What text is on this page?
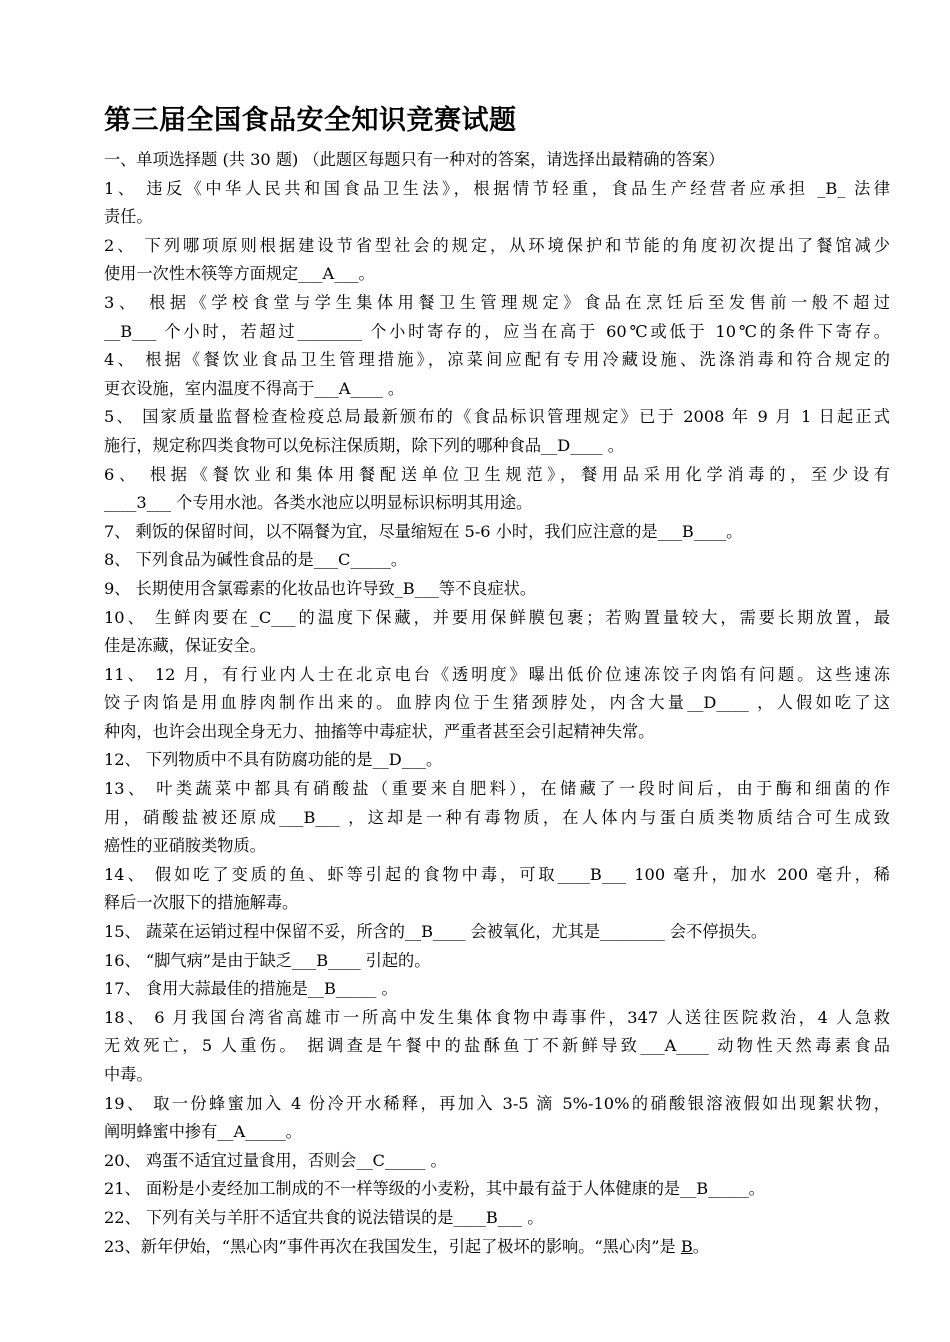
第三届全国食品安全知识竞赛试题
一、单项选择题 (共 30 题) （此题区每题只有一种对的答案，请选择出最精确的答案）
1、 违反《中华人民共和国食品卫生法》，根据情节轻重，食品生产经营者应承担 _B_ 法律
责任。
2、 下列哪项原则根据建设节省型社会的规定，从环境保护和节能的角度初次提出了餐馆减少
使用一次性木筷等方面规定___A___。
3、 根据《学校食堂与学生集体用餐卫生管理规定》食品在烹饪后至发售前一般不超过
__B___ 个小时，若超过________ 个小时寄存的，应当在高于 60℃或低于 10℃的条件下寄存。
4、 根据《餐饮业食品卫生管理措施》，凉菜间应配有专用冷藏设施、洗涤消毒和符合规定的
更衣设施，室内温度不得高于___A____ 。
5、 国家质量监督检查检疫总局最新颁布的《食品标识管理规定》已于 2008 年 9 月 1 日起正式
施行，规定称四类食物可以免标注保质期，除下列的哪种食品__D____ 。
6、 根据《餐饮业和集体用餐配送单位卫生规范》，餐用品采用化学消毒的，至少设有
____3___ 个专用水池。各类水池应以明显标识标明其用途。
7、 剩饭的保留时间，以不隔餐为宜，尽量缩短在 5-6 小时，我们应注意的是___B____。
8、 下列食品为碱性食品的是___C_____。
9、 长期使用含氯霉素的化妆品也许导致_B___等不良症状。
10、 生鲜肉要在_C___的温度下保藏，并要用保鲜膜包裹；若购置量较大，需要长期放置，最
佳是冻藏，保证安全。
11、 12 月，有行业内人士在北京电台《透明度》曝出低价位速冻饺子肉馅有问题。这些速冻
饺子肉馅是用血脖肉制作出来的。血脖肉位于生猪颈脖处，内含大量__D____ ，人假如吃了这
种肉，也许会出现全身无力、抽搐等中毒症状，严重者甚至会引起精神失常。
12、 下列物质中不具有防腐功能的是__D___。
13、 叶类蔬菜中都具有硝酸盐（重要来自肥料），在储藏了一段时间后，由于酶和细菌的作
用，硝酸盐被还原成___B___ ，这却是一种有毒物质，在人体内与蛋白质类物质结合可生成致
癌性的亚硝胺类物质。
14、 假如吃了变质的鱼、虾等引起的食物中毒，可取____B___ 100 毫升，加水 200 毫升，稀
释后一次服下的措施解毒。
15、 蔬菜在运销过程中保留不妥，所含的__B____ 会被氧化，尤其是________ 会不停损失。
16、 “脚气病”是由于缺乏___B____ 引起的。
17、 食用大蒜最佳的措施是__B_____ 。
18、 6 月我国台湾省高雄市一所高中发生集体食物中毒事件，347 人送往医院救治，4 人急救
无效死亡，5 人重伤。 据调查是午餐中的盐酥鱼丁不新鲜导致___A____ 动物性天然毒素食品
中毒。
19、 取一份蜂蜜加入 4 份冷开水稀释，再加入 3-5 滴 5%-10%的硝酸银溶液假如出现絮状物，
阐明蜂蜜中掺有__A_____。
20、 鸡蛋不适宜过量食用，否则会__C_____ 。
21、 面粉是小麦经加工制成的不一样等级的小麦粉，其中最有益于人体健康的是__B_____。
22、 下列有关与羊肝不适宜共食的说法错误的是____B___ 。
23、新年伊始，“黑心肉”事件再次在我国发生，引起了极坏的影响。“黑心肉”是 B。
